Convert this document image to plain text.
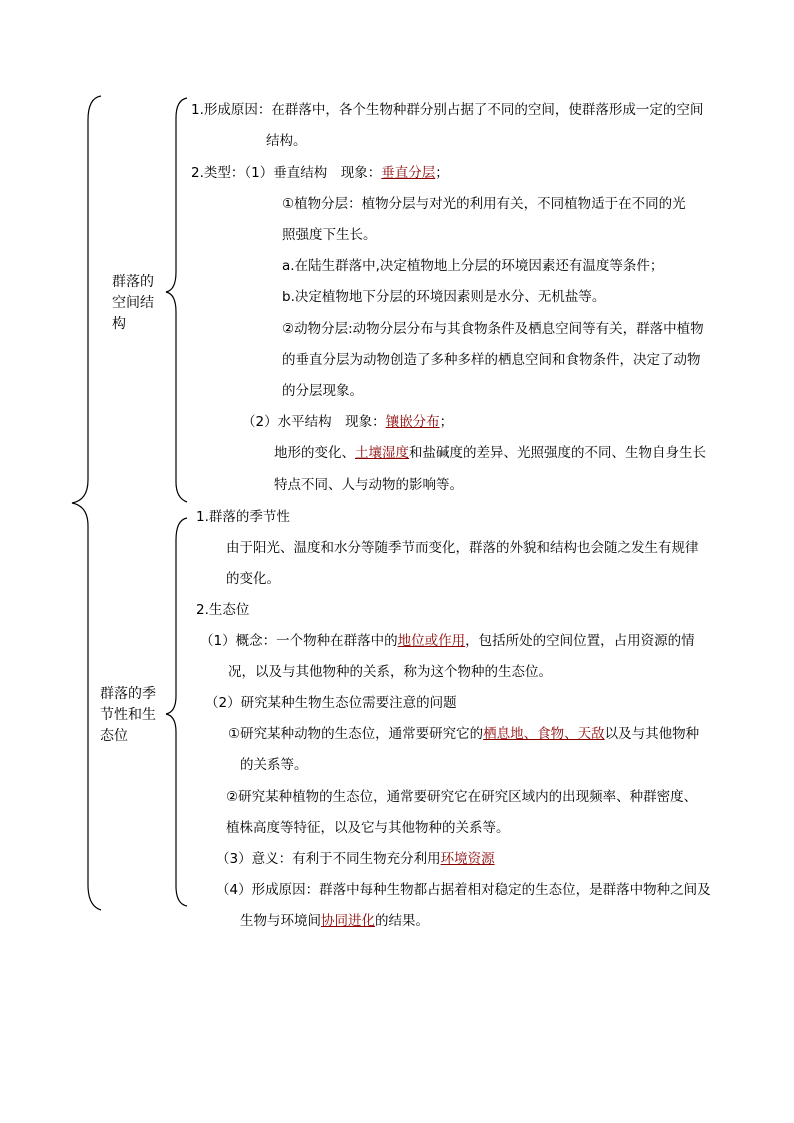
群落的
空间结
构
群落的季
节性和生
态位
1.形成原因：在群落中，各个生物种群分别占据了不同的空间，使群落形成一定的空间
结构。
2.类型：（1）垂直结构　现象：垂直分层；
①植物分层：植物分层与对光的利用有关，不同植物适于在不同的光
照强度下生长。
a.在陆生群落中,决定植物地上分层的环境因素还有温度等条件；
b.决定植物地下分层的环境因素则是水分、无机盐等。
②动物分层:动物分层分布与其食物条件及栖息空间等有关，群落中植物
的垂直分层为动物创造了多种多样的栖息空间和食物条件，决定了动物
的分层现象。
（2）水平结构　现象：镶嵌分布；
地形的变化、土壤湿度和盐碱度的差异、光照强度的不同、生物自身生长
特点不同、人与动物的影响等。
1.群落的季节性
由于阳光、温度和水分等随季节而变化，群落的外貌和结构也会随之发生有规律
的变化。
2.生态位
（1）概念：一个物种在群落中的地位或作用，包括所处的空间位置，占用资源的情
况，以及与其他物种的关系，称为这个物种的生态位。
（2）研究某种生物生态位需要注意的问题
①研究某种动物的生态位，通常要研究它的栖息地、食物、天敌以及与其他物种
的关系等。
②研究某种植物的生态位，通常要研究它在研究区域内的出现频率、种群密度、
植株高度等特征，以及它与其他物种的关系等。
（3）意义：有利于不同生物充分利用环境资源
（4）形成原因：群落中每种生物都占据着相对稳定的生态位，是群落中物种之间及
生物与环境间协同进化的结果。
